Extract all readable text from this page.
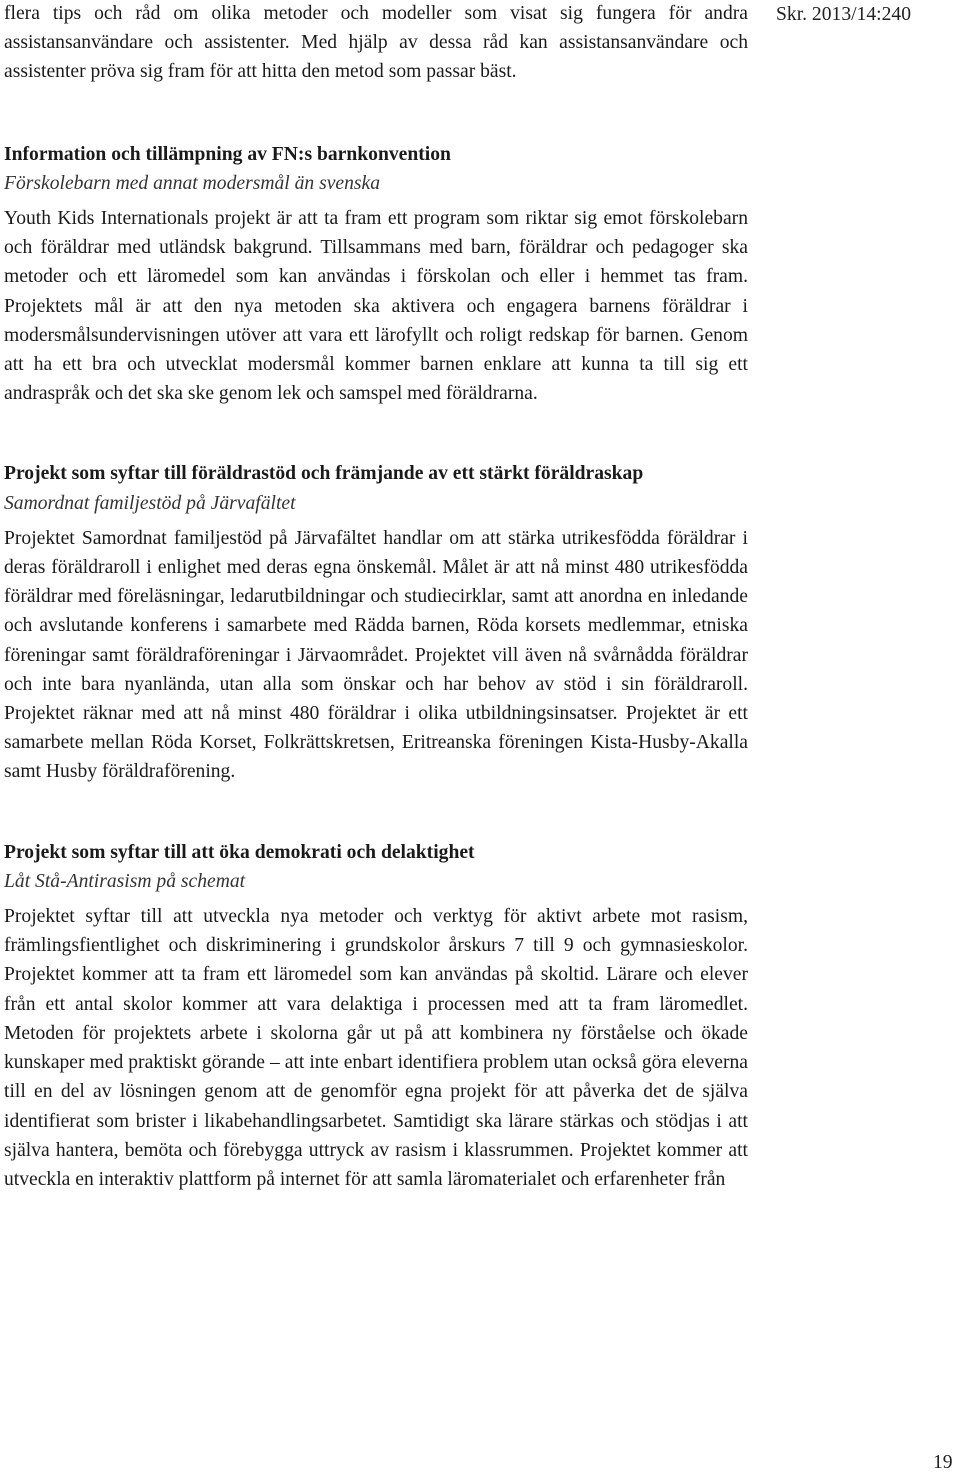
flera tips och råd om olika metoder och modeller som visat sig fungera för andra assistansanvändare och assistenter. Med hjälp av dessa råd kan assistansanvändare och assistenter pröva sig fram för att hitta den metod som passar bäst.

Information och tillämpning av FN:s barnkonvention

Förskolebarn med annat modersmål än svenska

Youth Kids Internationals projekt är att ta fram ett program som riktar sig emot förskolebarn och föräldrar med utländsk bakgrund. Tillsammans med barn, föräldrar och pedagoger ska metoder och ett läromedel som kan användas i förskolan och eller i hemmet tas fram. Projektets mål är att den nya metoden ska aktivera och engagera barnens föräldrar i modersmålsundervisningen utöver att vara ett lärofyllt och roligt redskap för barnen. Genom att ha ett bra och utvecklat modersmål kommer barnen enklare att kunna ta till sig ett andraspråk och det ska ske genom lek och samspel med föräldrarna.

Projekt som syftar till föräldrastöd och främjande av ett stärkt föräldraskap

Samordnat familjestöd på Järvafältet

Projektet Samordnat familjestöd på Järvafältet handlar om att stärka utrikesfödda föräldrar i deras föräldraroll i enlighet med deras egna önskemål. Målet är att nå minst 480 utrikesfödda föräldrar med föreläsningar, ledarutbildningar och studiecirklar, samt att anordna en inledande och avslutande konferens i samarbete med Rädda barnen, Röda korsets medlemmar, etniska föreningar samt föräldraföreningar i Järvaområdet. Projektet vill även nå svårnådda föräldrar och inte bara nyanlända, utan alla som önskar och har behov av stöd i sin föräldraroll. Projektet räknar med att nå minst 480 föräldrar i olika utbildningsinsatser. Projektet är ett samarbete mellan Röda Korset, Folkrättskretsen, Eritreanska föreningen Kista-Husby-Akalla samt Husby föräldraförening.

Projekt som syftar till att öka demokrati och delaktighet

Låt Stå-Antirasism på schemat

Projektet syftar till att utveckla nya metoder och verktyg för aktivt arbete mot rasism, främlingsfientlighet och diskriminering i grundskolor årskurs 7 till 9 och gymnasieskolor. Projektet kommer att ta fram ett läromedel som kan användas på skoltid. Lärare och elever från ett antal skolor kommer att vara delaktiga i processen med att ta fram läromedlet. Metoden för projektets arbete i skolorna går ut på att kombinera ny förståelse och ökade kunskaper med praktiskt görande – att inte enbart identifiera problem utan också göra eleverna till en del av lösningen genom att de genomför egna projekt för att påverka det de själva identifierat som brister i likabehandlingsarbetet. Samtidigt ska lärare stärkas och stödjas i att själva hantera, bemöta och förebygga uttryck av rasism i klassrummen. Projektet kommer att utveckla en interaktiv plattform på internet för att samla läromaterialet och erfarenheter från

Skr. 2013/14:240
19
